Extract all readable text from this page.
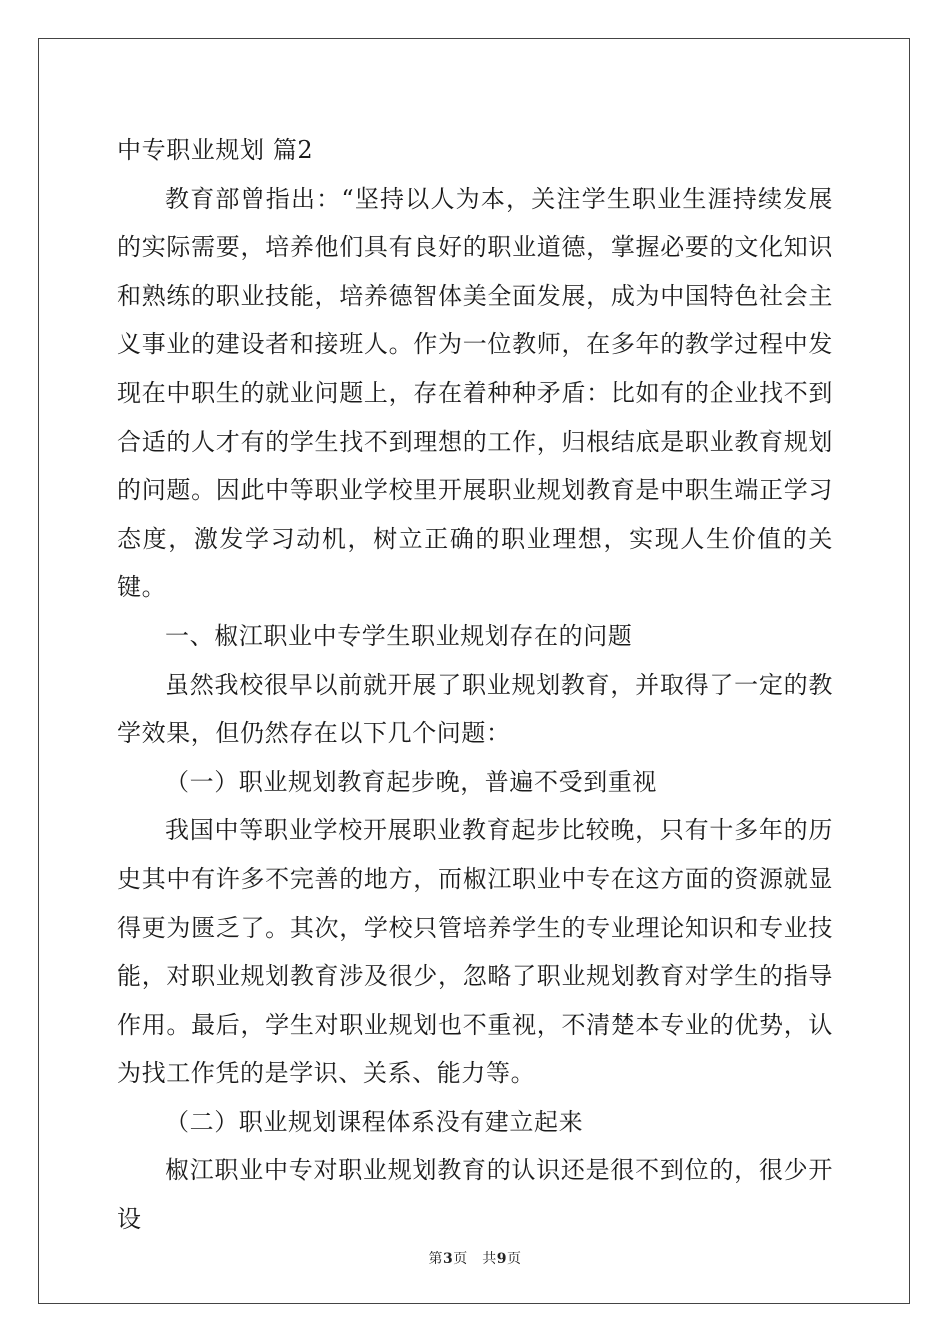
中专职业规划 篇2

教育部曾指出：“坚持以人为本，关注学生职业生涯持续发展的实际需要，培养他们具有良好的职业道德，掌握必要的文化知识和熟练的职业技能，培养德智体美全面发展，成为中国特色社会主义事业的建设者和接班人。作为一位教师，在多年的教学过程中发现在中职生的就业问题上，存在着种种矛盾：比如有的企业找不到合适的人才有的学生找不到理想的工作，归根结底是职业教育规划的问题。因此中等职业学校里开展职业规划教育是中职生端正学习态度，激发学习动机，树立正确的职业理想，实现人生价值的关键。

一、椒江职业中专学生职业规划存在的问题

虽然我校很早以前就开展了职业规划教育，并取得了一定的教学效果，但仍然存在以下几个问题：

（一）职业规划教育起步晚，普遍不受到重视

我国中等职业学校开展职业教育起步比较晚，只有十多年的历史其中有许多不完善的地方，而椒江职业中专在这方面的资源就显得更为匮乏了。其次，学校只管培养学生的专业理论知识和专业技能，对职业规划教育涉及很少，忽略了职业规划教育对学生的指导作用。最后，学生对职业规划也不重视，不清楚本专业的优势，认为找工作凭的是学识、关系、能力等。

（二）职业规划课程体系没有建立起来

椒江职业中专对职业规划教育的认识还是很不到位的，很少开设

第3页　共9页
